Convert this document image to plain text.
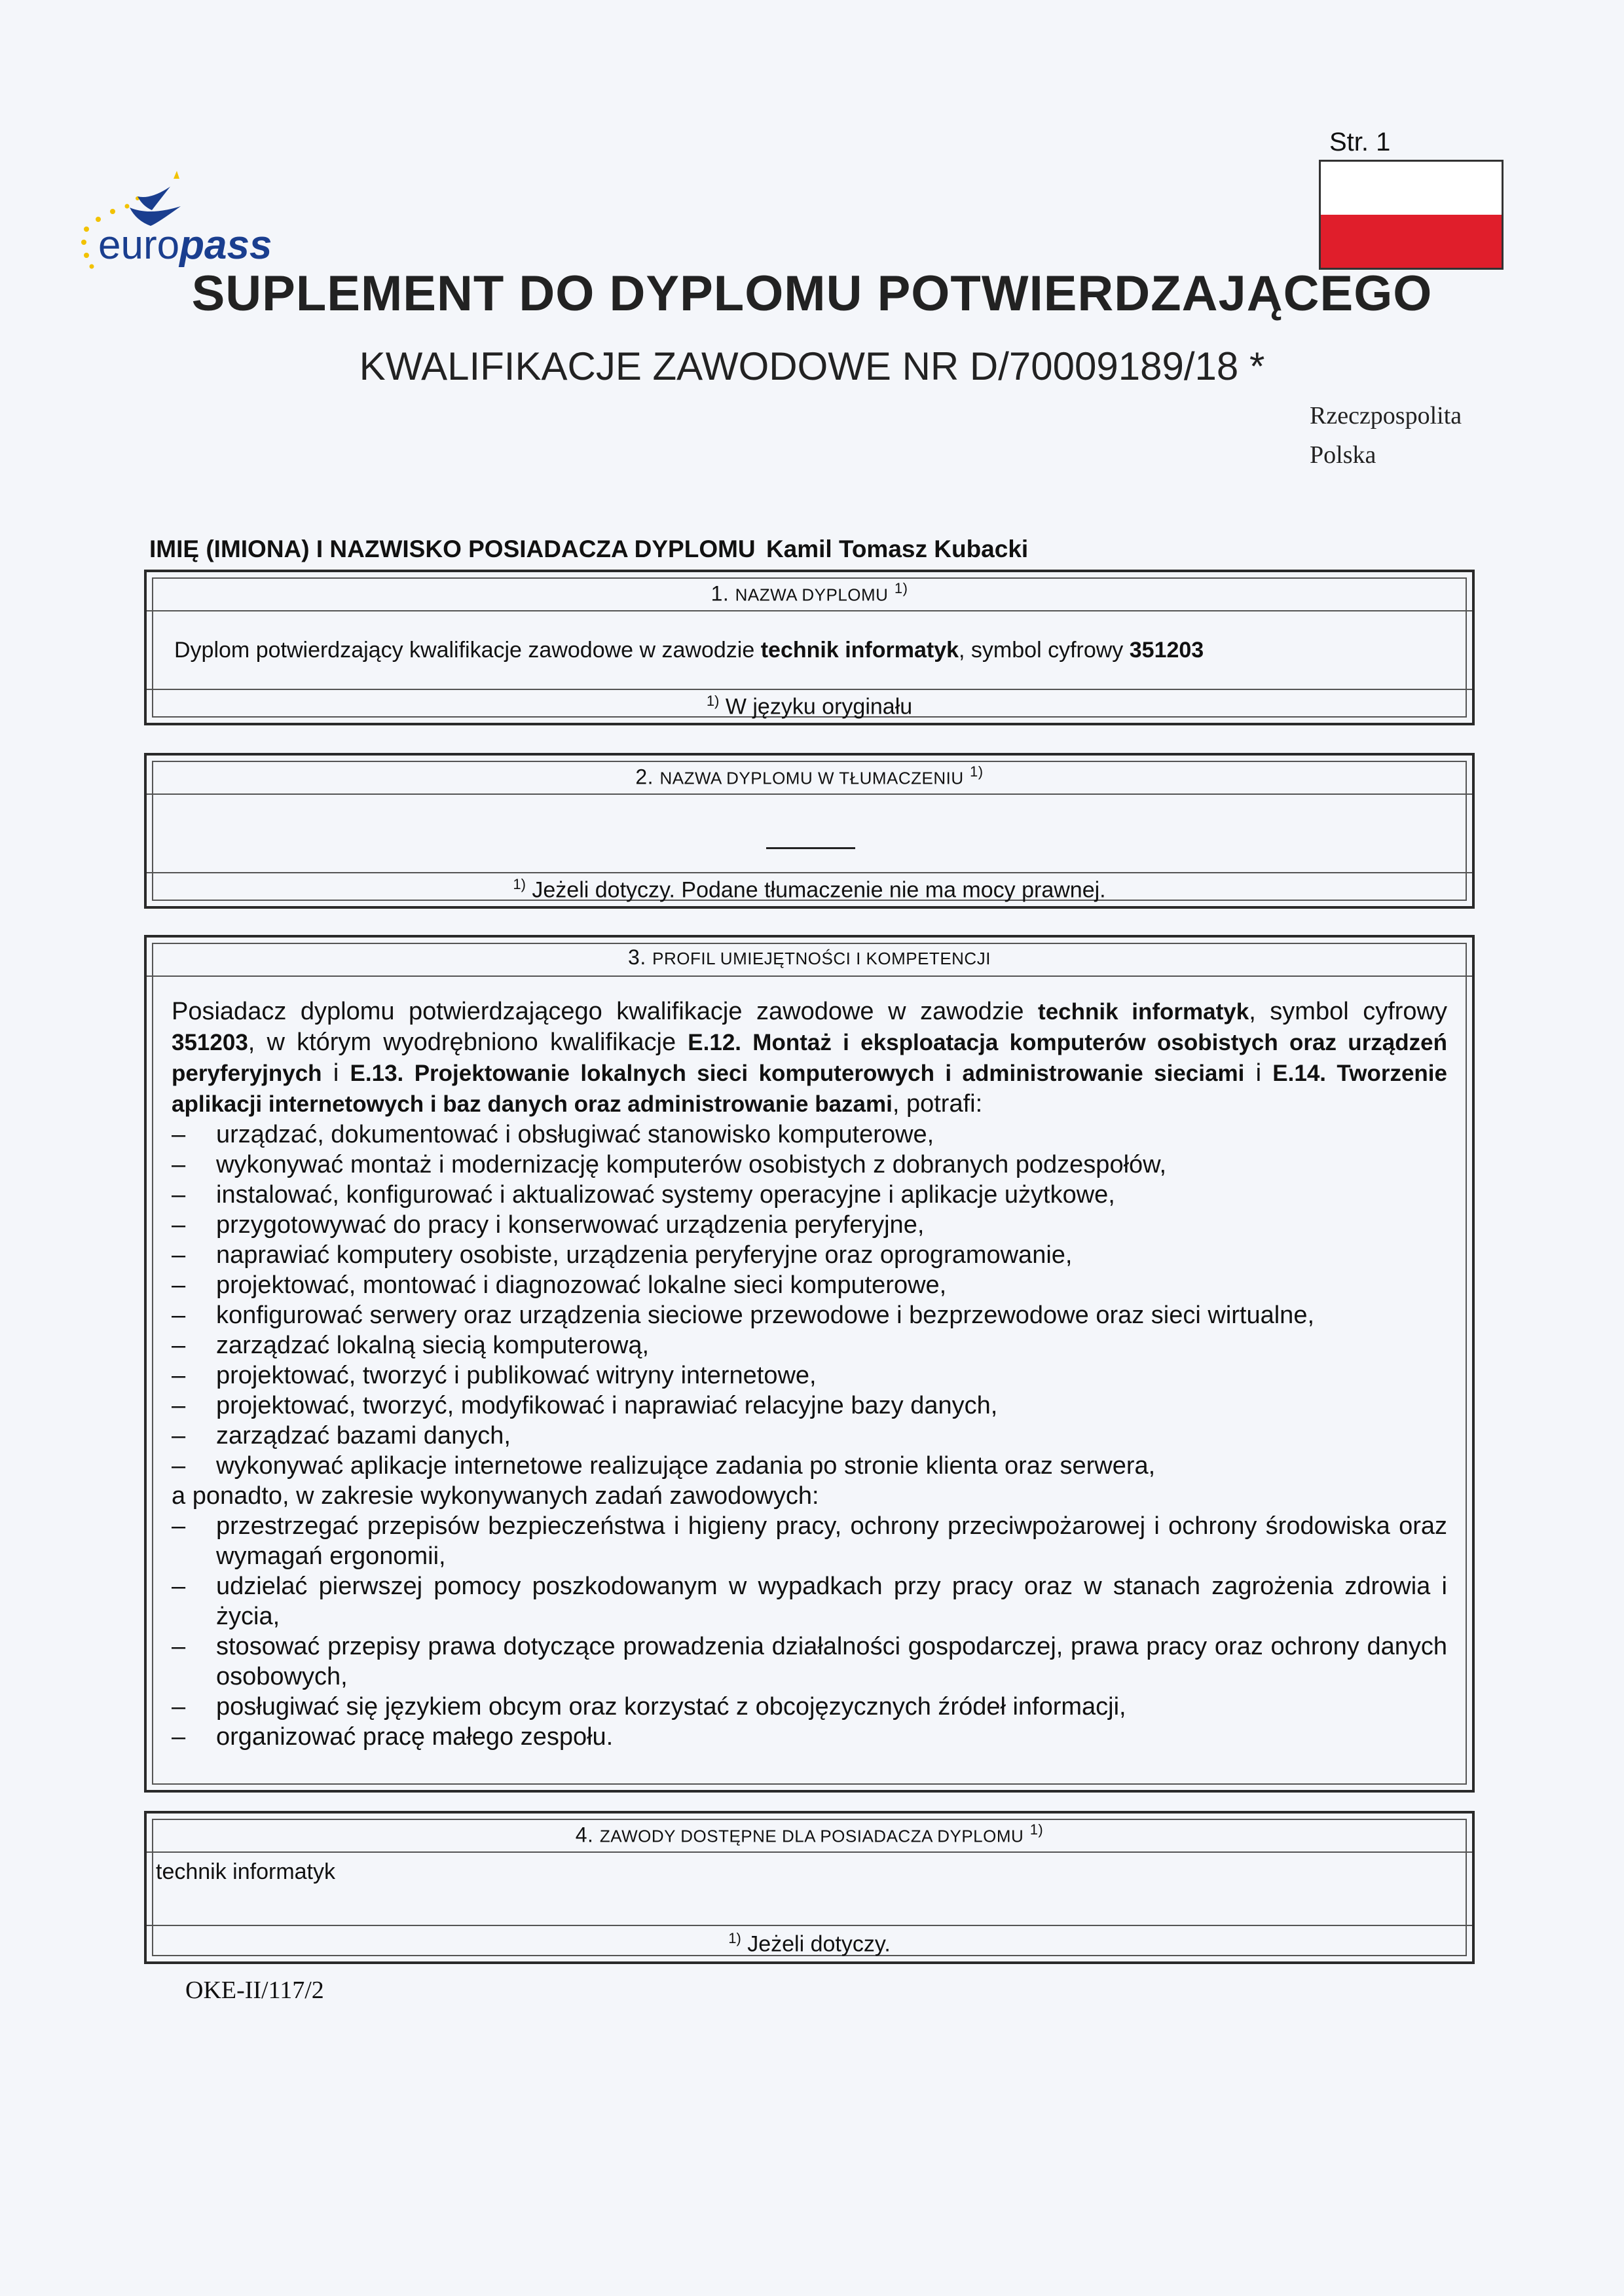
Str. 1
Rzeczpospolita
Polska
europass
SUPLEMENT DO DYPLOMU POTWIERDZAJĄCEGO
KWALIFIKACJE ZAWODOWE NR D/70009189/18 *
IMIĘ (IMIONA) I NAZWISKO POSIADACZA DYPLOMU Kamil Tomasz Kubacki
1. NAZWA DYPLOMU $^{1)}$
Dyplom potwierdzający kwalifikacje zawodowe w zawodzie technik informatyk, symbol cyfrowy 351203
$^{1)}$ W języku oryginału
2. NAZWA DYPLOMU W TŁUMACZENIU $^{1)}$
$^{1)}$ Jeżeli dotyczy. Podane tłumaczenie nie ma mocy prawnej.
3. PROFIL UMIEJĘTNOŚCI I KOMPETENCJI

Posiadacz dyplomu potwierdzającego kwalifikacje zawodowe w zawodzie technik informatyk, symbol cyfrowy 351203, w którym wyodrębniono kwalifikacje E.12. Montaż i eksploatacja komputerów osobistych oraz urządzeń peryferyjnych i E.13. Projektowanie lokalnych sieci komputerowych i administrowanie sieciami i E.14. Tworzenie aplikacji internetowych i baz danych oraz administrowanie bazami, potrafi:

– urządzać, dokumentować i obsługiwać stanowisko komputerowe,
– wykonywać montaż i modernizację komputerów osobistych z dobranych podzespołów,
– instalować, konfigurować i aktualizować systemy operacyjne i aplikacje użytkowe,
– przygotowywać do pracy i konserwować urządzenia peryferyjne,
– naprawiać komputery osobiste, urządzenia peryferyjne oraz oprogramowanie,
– projektować, montować i diagnozować lokalne sieci komputerowe,
– konfigurować serwery oraz urządzenia sieciowe przewodowe i bezprzewodowe oraz sieci wirtualne,
– zarządzać lokalną siecią komputerową,
– projektować, tworzyć i publikować witryny internetowe,
– projektować, tworzyć, modyfikować i naprawiać relacyjne bazy danych,
– zarządzać bazami danych,
– wykonywać aplikacje internetowe realizujące zadania po stronie klienta oraz serwera,

a ponadto, w zakresie wykonywanych zadań zawodowych:

– przestrzegać przepisów bezpieczeństwa i higieny pracy, ochrony przeciwpożarowej i ochrony środowiska oraz wymagań ergonomii,
– udzielać pierwszej pomocy poszkodowanym w wypadkach przy pracy oraz w stanach zagrożenia zdrowia i życia,
– stosować przepisy prawa dotyczące prowadzenia działalności gospodarczej, prawa pracy oraz ochrony danych osobowych,
– posługiwać się językiem obcym oraz korzystać z obcojęzycznych źródeł informacji,
– organizować pracę małego zespołu.
4. ZAWODY DOSTĘPNE DLA POSIADACZA DYPLOMU $^{1)}$
technik informatyk
$^{1)}$ Jeżeli dotyczy.
OKE-II/117/2
